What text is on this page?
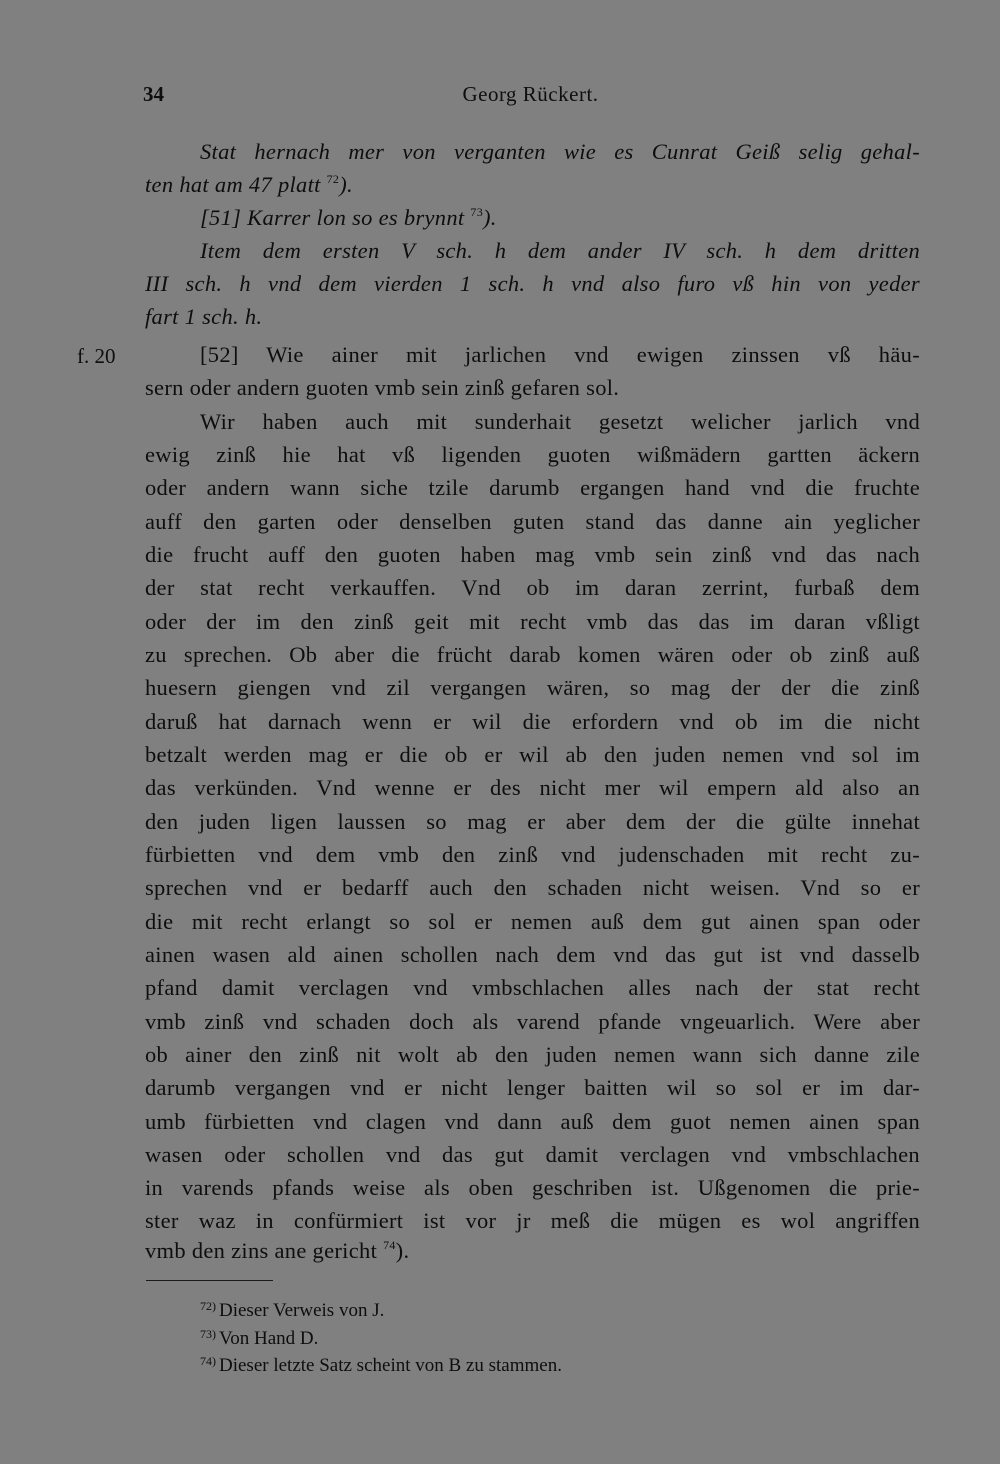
34	Georg Rückert.
f. 20
Stat hernach mer von verganten wie es Cunrat Geiß selig gehal-
ten hat am 47 platt $^{72}$).
[51] Karrer lon so es brynnt $^{73}$).
Item dem ersten V sch. h dem ander IV sch. h dem dritten
III sch. h vnd dem vierden 1 sch. h vnd also furo vß hin von yeder
fart 1 sch. h.
[52] Wie ainer mit jarlichen vnd ewigen zinssen vß häu-
sern oder andern guoten vmb sein zinß gefaren sol.
Wir haben auch mit sunderhait gesetzt welicher jarlich vnd
ewig zinß hie hat vß ligenden guoten wißmädern gartten äckern
oder andern wann siche tzile darumb ergangen hand vnd die fruchte
auff den garten oder denselben guten stand das danne ain yeglicher
die frucht auff den guoten haben mag vmb sein zinß vnd das nach
der stat recht verkauffen. Vnd ob im daran zerrint, furbaß dem
oder der im den zinß geit mit recht vmb das das im daran vßligt
zu sprechen. Ob aber die frücht darab komen wären oder ob zinß auß
huesern giengen vnd zil vergangen wären, so mag der der die zinß
daruß hat darnach wenn er wil die erfordern vnd ob im die nicht
betzalt werden mag er die ob er wil ab den juden nemen vnd sol im
das verkünden. Vnd wenne er des nicht mer wil empern ald also an
den juden ligen laussen so mag er aber dem der die gülte innehat
fürbietten vnd dem vmb den zinß vnd judenschaden mit recht zu-
sprechen vnd er bedarff auch den schaden nicht weisen. Vnd so er
die mit recht erlangt so sol er nemen auß dem gut ainen span oder
ainen wasen ald ainen schollen nach dem vnd das gut ist vnd dasselb
pfand damit verclagen vnd vmbschlachen alles nach der stat recht
vmb zinß vnd schaden doch als varend pfande vngeuarlich. Were aber
ob ainer den zinß nit wolt ab den juden nemen wann sich danne zile
darumb vergangen vnd er nicht lenger baitten wil so sol er im dar-
umb fürbietten vnd clagen vnd dann auß dem guot nemen ainen span
wasen oder schollen vnd das gut damit verclagen vnd vmbschlachen
in varends pfands weise als oben geschriben ist. Ußgenomen die prie-
ster waz in confürmiert ist vor jr meß die mügen es wol angriffen
vmb den zins ane gericht $^{74}$).
$^{72)}$ Dieser Verweis von J.
$^{73)}$ Von Hand D.
$^{74)}$ Dieser letzte Satz scheint von B zu stammen.
